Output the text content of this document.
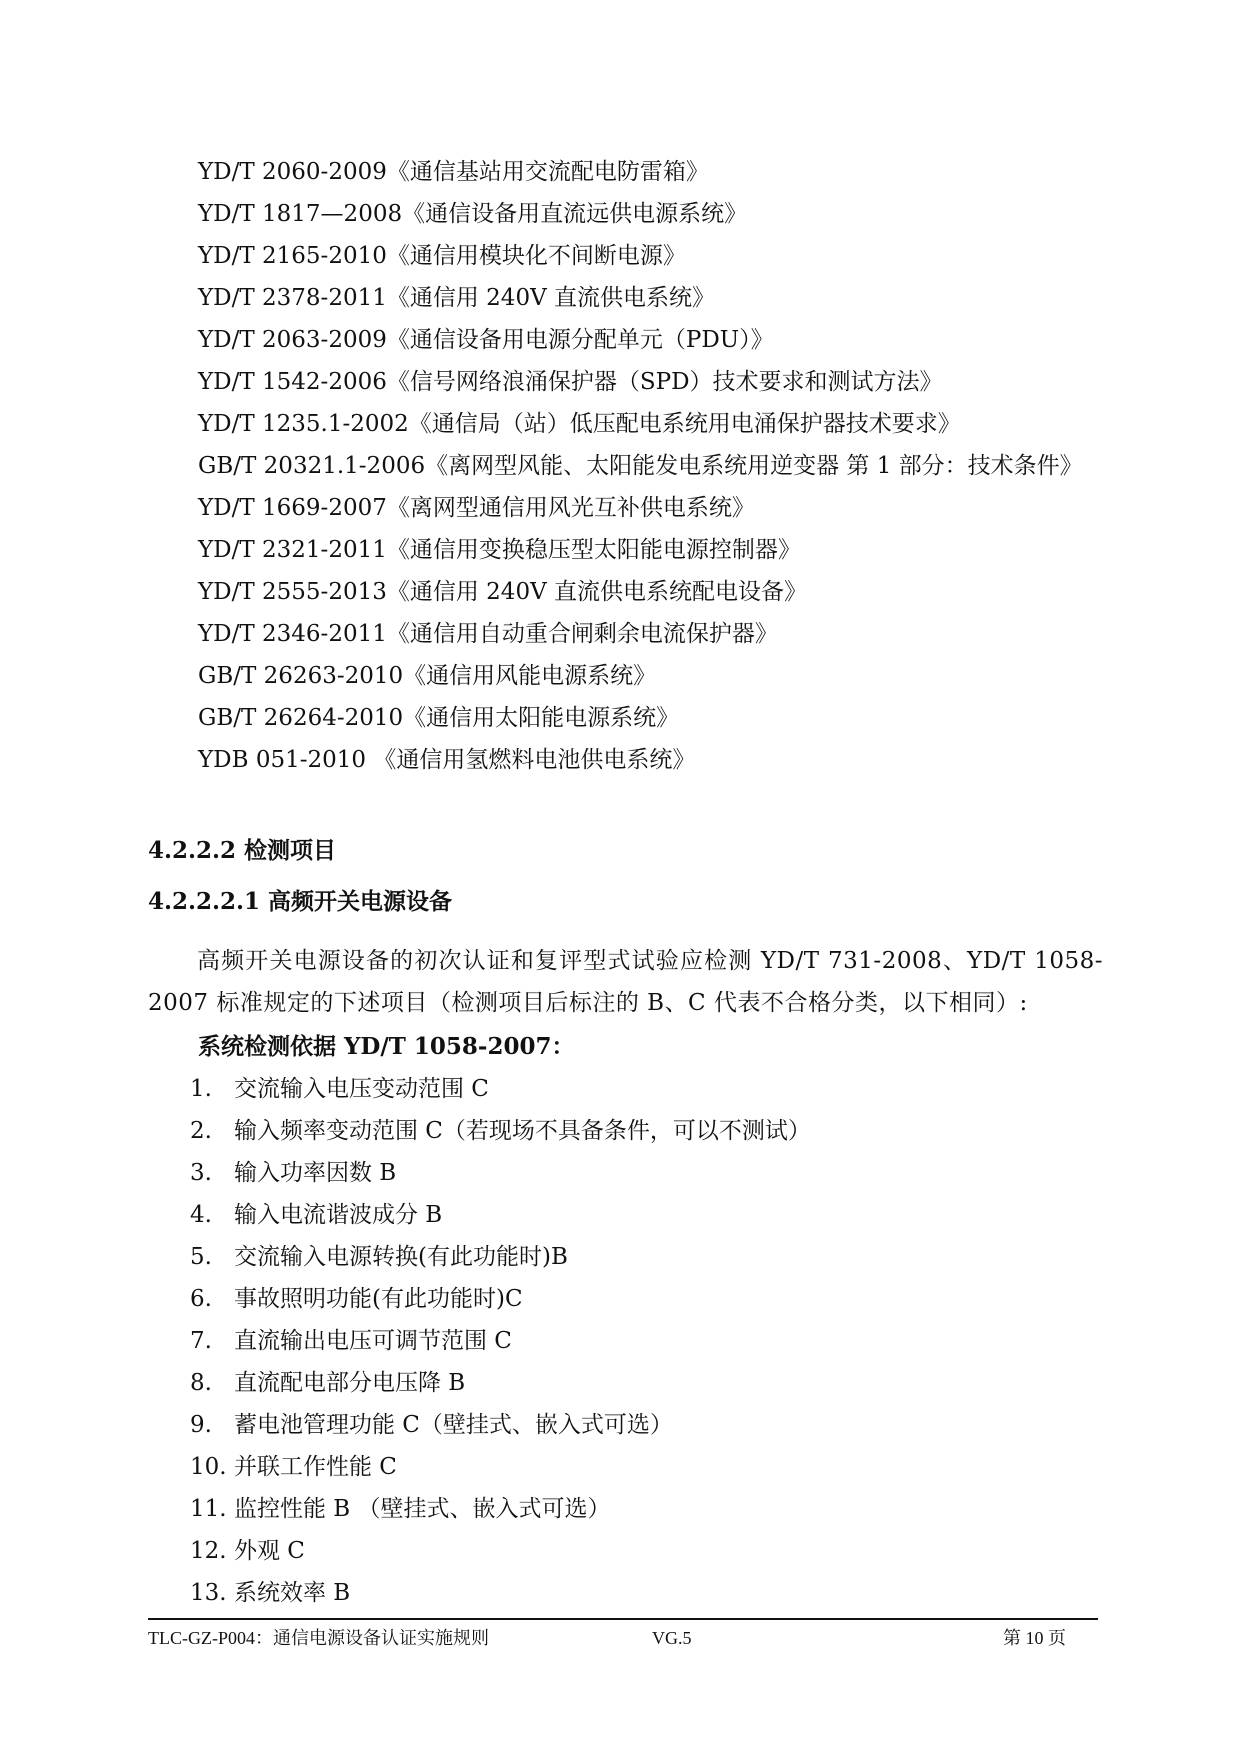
YD/T 2060-2009《通信基站用交流配电防雷箱》
YD/T 1817—2008《通信设备用直流远供电源系统》
YD/T 2165-2010《通信用模块化不间断电源》
YD/T 2378-2011《通信用 240V 直流供电系统》
YD/T 2063-2009《通信设备用电源分配单元（PDU）》
YD/T 1542-2006《信号网络浪涌保护器（SPD）技术要求和测试方法》
YD/T 1235.1-2002《通信局（站）低压配电系统用电涌保护器技术要求》
GB/T 20321.1-2006《离网型风能、太阳能发电系统用逆变器 第 1 部分：技术条件》
YD/T 1669-2007《离网型通信用风光互补供电系统》
YD/T 2321-2011《通信用变换稳压型太阳能电源控制器》
YD/T 2555-2013《通信用 240V 直流供电系统配电设备》
YD/T 2346-2011《通信用自动重合闸剩余电流保护器》
GB/T 26263-2010《通信用风能电源系统》
GB/T 26264-2010《通信用太阳能电源系统》
YDB 051-2010 《通信用氢燃料电池供电系统》
4.2.2.2 检测项目
4.2.2.2.1 高频开关电源设备

高频开关电源设备的初次认证和复评型式试验应检测 YD/T 731-2008、YD/T 1058-2007 标准规定的下述项目（检测项目后标注的 B、C 代表不合格分类，以下相同）:

系统检测依据 YD/T 1058-2007：
1. 交流输入电压变动范围 C
2. 输入频率变动范围 C（若现场不具备条件，可以不测试）
3. 输入功率因数 B
4. 输入电流谐波成分 B
5. 交流输入电源转换(有此功能时)B
6. 事故照明功能(有此功能时)C
7. 直流输出电压可调节范围 C
8. 直流配电部分电压降 B
9. 蓄电池管理功能 C（壁挂式、嵌入式可选）
10. 并联工作性能 C
11. 监控性能 B （壁挂式、嵌入式可选）
12. 外观 C
13. 系统效率 B
TLC-GZ-P004：通信电源设备认证实施规则	VG.5	第 10 页
